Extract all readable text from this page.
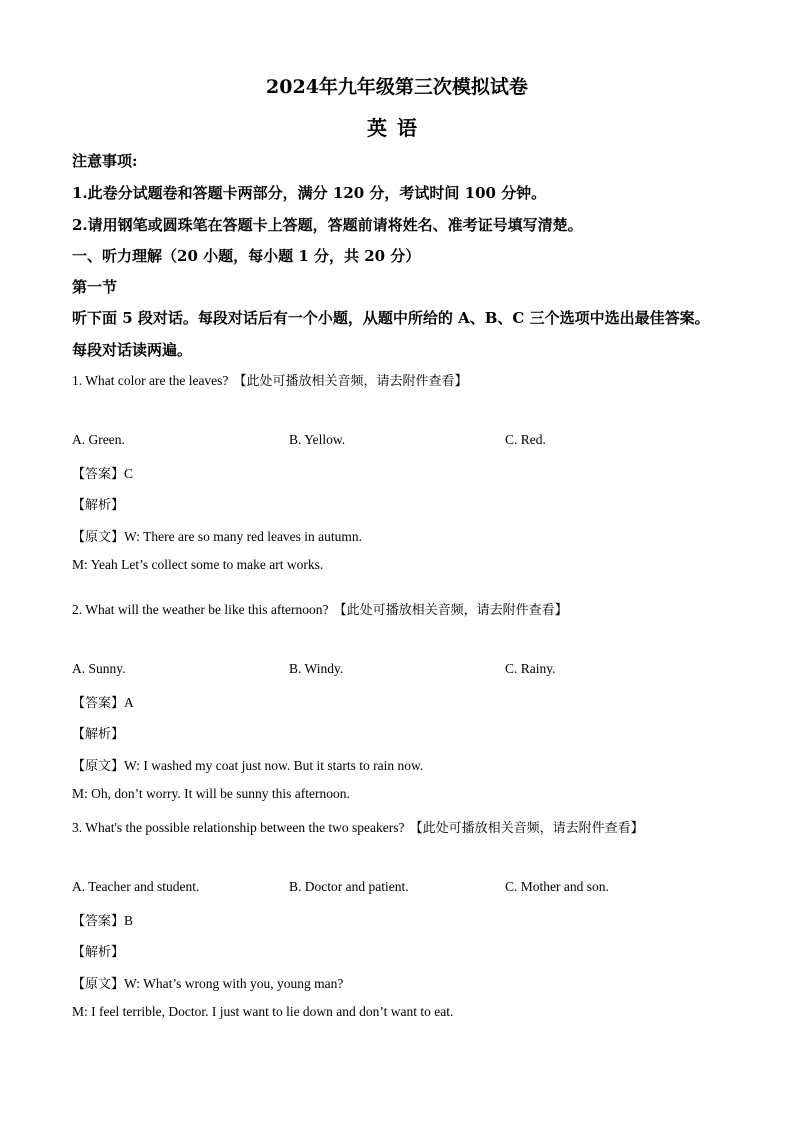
2024年九年级第三次模拟试卷
英语
注意事项:
1.此卷分试题卷和答题卡两部分，满分 120 分，考试时间 100 分钟。
2.请用钢笔或圆珠笔在答题卡上答题，答题前请将姓名、准考证号填写清楚。
一、听力理解（20 小题，每小题 1 分，共 20 分）
第一节
听下面 5 段对话。每段对话后有一个小题，从题中所给的 A、B、C 三个选项中选出最佳答案。
每段对话读两遍。
1. What color are the leaves? 【此处可播放相关音频，请去附件查看】
A. Green.	B. Yellow.	C. Red.
【答案】C
【解析】
【原文】W: There are so many red leaves in autumn.
M: Yeah Let’s collect some to make art works.
2. What will the weather be like this afternoon? 【此处可播放相关音频，请去附件查看】
A. Sunny.	B. Windy.	C. Rainy.
【答案】A
【解析】
【原文】W: I washed my coat just now. But it starts to rain now.
M: Oh, don’t worry. It will be sunny this afternoon.
3. What's the possible relationship between the two speakers? 【此处可播放相关音频，请去附件查看】
A. Teacher and student.	B. Doctor and patient.	C. Mother and son.
【答案】B
【解析】
【原文】W: What’s wrong with you, young man?
M: I feel terrible, Doctor. I just want to lie down and don’t want to eat.
